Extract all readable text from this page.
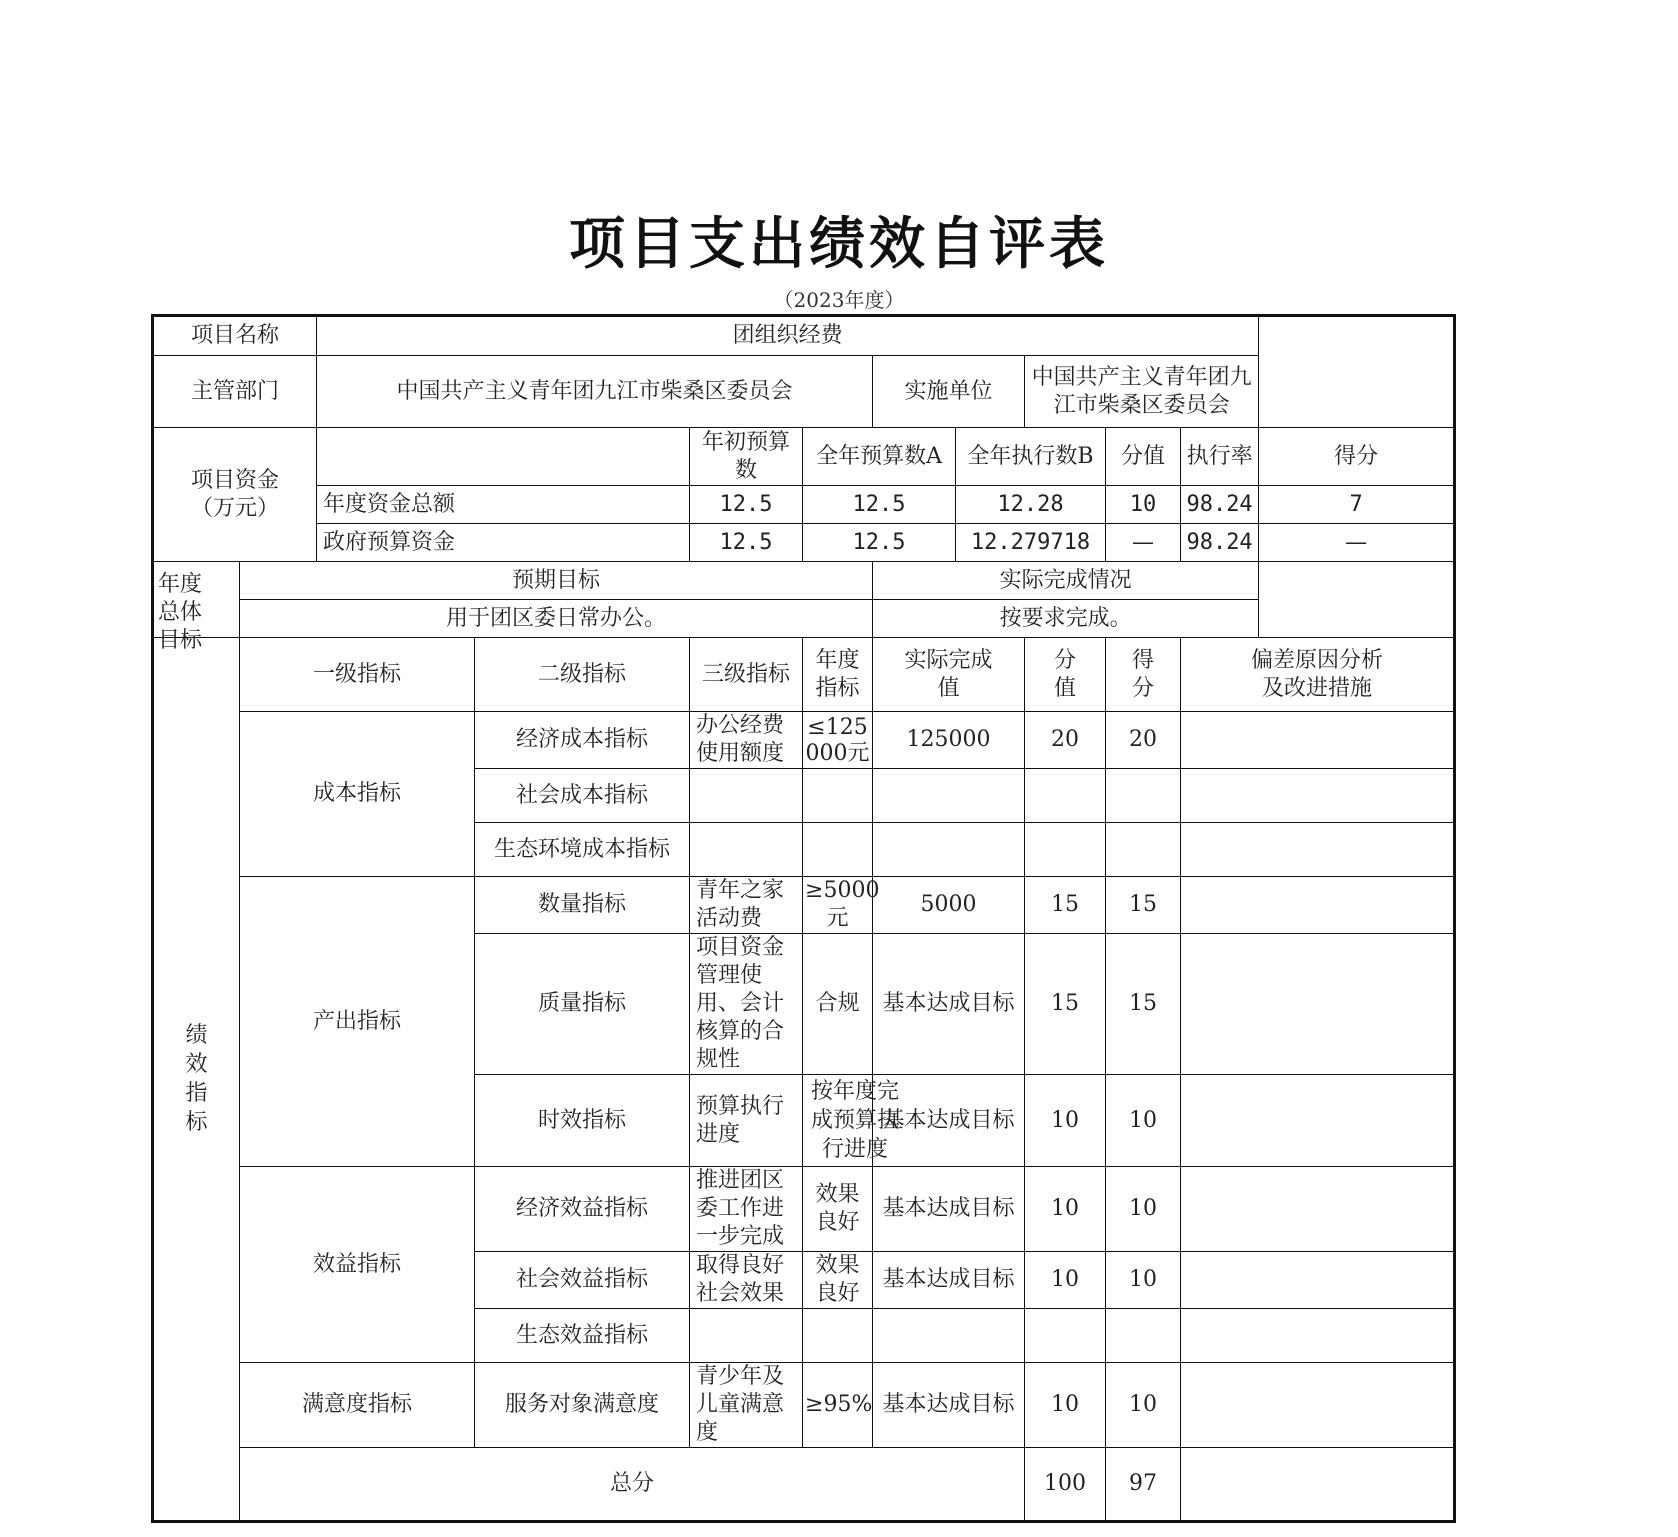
项目支出绩效自评表
（2023年度）
项目名称		团组织经费									
主管部门		中国共产主义青年团九江市柴桑区委员会				实施单位		中国共产主义青年团九江市柴桑区委员会			

项目资金
（万元）				年初预算数	全年预算数A		全年执行数B		分值	执行率	得分
		年度资金总额		12.5	12.5		12.28		10	98.24	7
		政府预算资金		12.5	12.5		12.279718		—	98.24	—

年度总体目标	预期目标					实际完成情况					
	用于团区委日常办公。					按要求完成。					
绩效指标	一级指标		二级指标	三级指标	年度指标	实际完成值		分值	得分	偏差原因分析及改进措施	

	成本指标		经济成本指标	办公经费使用额度	≤125000元	125000		20	20		
			社会成本指标								
			生态环境成本指标								
	产出指标		数量指标	青年之家活动费	≥5000元	5000		15	15		
			质量指标	项目资金管理使用、会计核算的合规性	合规	基本达成目标		15	15		
			时效指标	预算执行进度	按年度完成预算执行进度	基本达成目标		10	10		
	效益指标		经济效益指标	推进团区委工作进一步完成	效果良好	基本达成目标		10	10		
			社会效益指标	取得良好社会效果	效果良好	基本达成目标		10	10		
			生态效益指标								
	满意度指标		服务对象满意度	青少年及儿童满意度	≥95%	基本达成目标		10	10		
	总分							100	97		
